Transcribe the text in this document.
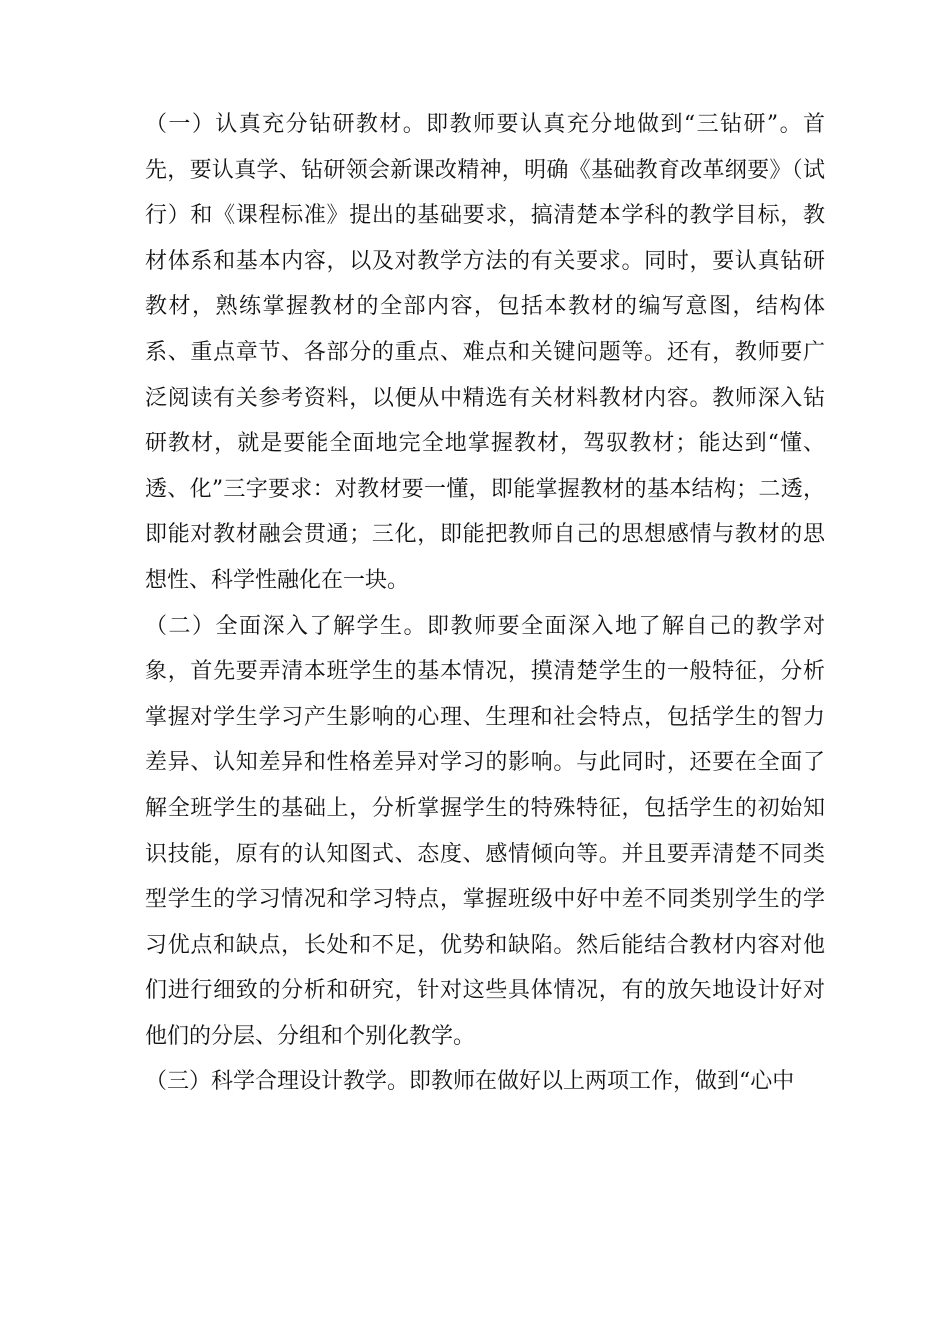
（一）认真充分钻研教材。即教师要认真充分地做到“三钻研”。首先，要认真学、钻研领会新课改精神，明确《基础教育改革纲要》（试行）和《课程标准》提出的基础要求，搞清楚本学科的教学目标，教材体系和基本内容，以及对教学方法的有关要求。同时，要认真钻研教材，熟练掌握教材的全部内容，包括本教材的编写意图，结构体系、重点章节、各部分的重点、难点和关键问题等。还有，教师要广泛阅读有关参考资料，以便从中精选有关材料教材内容。教师深入钻研教材，就是要能全面地完全地掌握教材，驾驭教材；能达到“懂、透、化”三字要求：对教材要一懂，即能掌握教材的基本结构；二透，即能对教材融会贯通；三化，即能把教师自己的思想感情与教材的思想性、科学性融化在一块。

（二）全面深入了解学生。即教师要全面深入地了解自己的教学对象，首先要弄清本班学生的基本情况，摸清楚学生的一般特征，分析掌握对学生学习产生影响的心理、生理和社会特点，包括学生的智力差异、认知差异和性格差异对学习的影响。与此同时，还要在全面了解全班学生的基础上，分析掌握学生的特殊特征，包括学生的初始知识技能，原有的认知图式、态度、感情倾向等。并且要弄清楚不同类型学生的学习情况和学习特点，掌握班级中好中差不同类别学生的学习优点和缺点，长处和不足，优势和缺陷。然后能结合教材内容对他们进行细致的分析和研究，针对这些具体情况，有的放矢地设计好对他们的分层、分组和个别化教学。

（三）科学合理设计教学。即教师在做好以上两项工作，做到“心中
